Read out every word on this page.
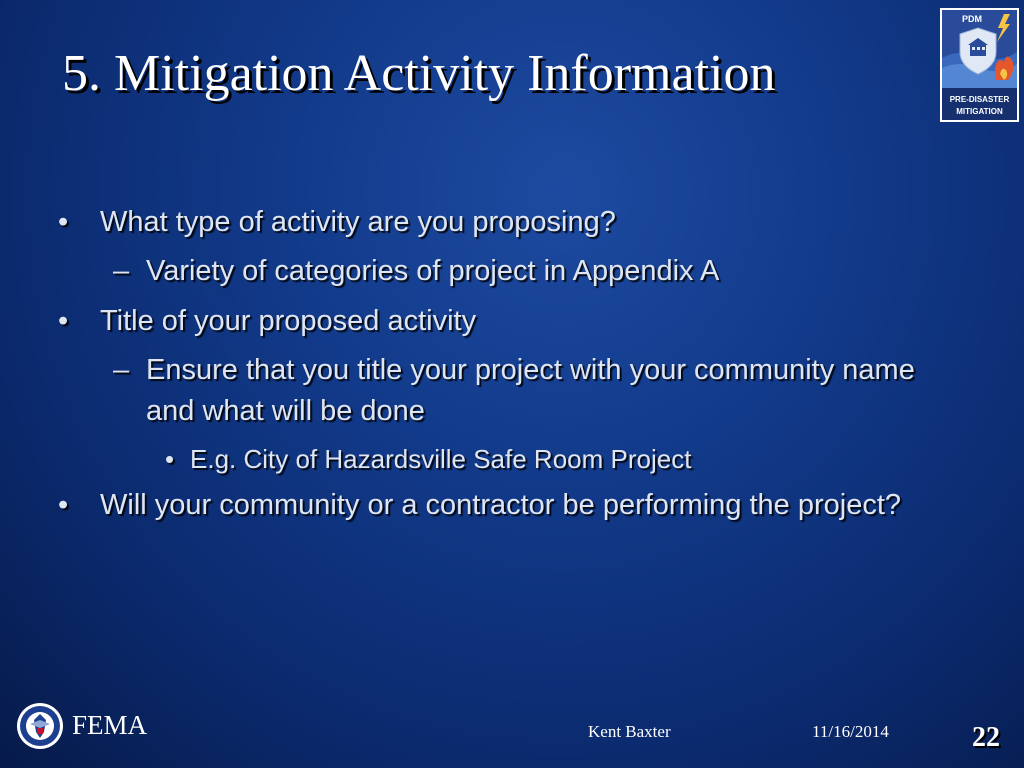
5. Mitigation Activity Information
PDM
PRE-DISASTER
MITIGATION
• What type of activity are you proposing?
– Variety of categories of project in Appendix A
• Title of your proposed activity
– Ensure that you title your project with your community name and what will be done
• E.g. City of Hazardsville Safe Room Project
• Will your community or a contractor be performing the project?
FEMA	Kent Baxter	11/16/2014	22
